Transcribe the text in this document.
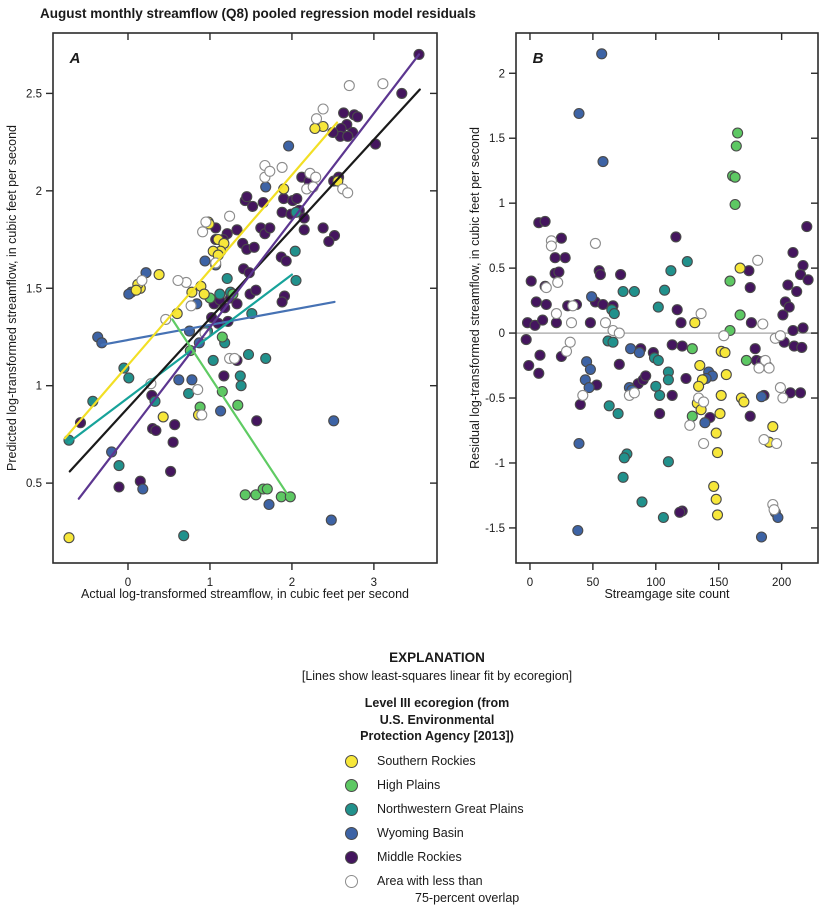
August monthly streamflow (Q8) pooled regression model residuals
0	1	2	3
0.5
1
1.5
2
2.5
A
Actual log-transformed streamflow, in cubic feet per second
Predicted log-transformed streamflow, in cubic feet per second
0	50	100	150	200
-1.5
-1
-0.5
0
0.5
1
1.5
2
B
Streamgage site count
Residual log-transformed streamflow, in cubic feet per second
EXPLANATION
[Lines show least-squares linear fit by ecoregion]
Level III ecoregion (from
U.S. Environmental
Protection Agency [2013])
Southern Rockies
High Plains
Northwestern Great Plains
Wyoming Basin
Middle Rockies
Area with less than
75-percent overlap
